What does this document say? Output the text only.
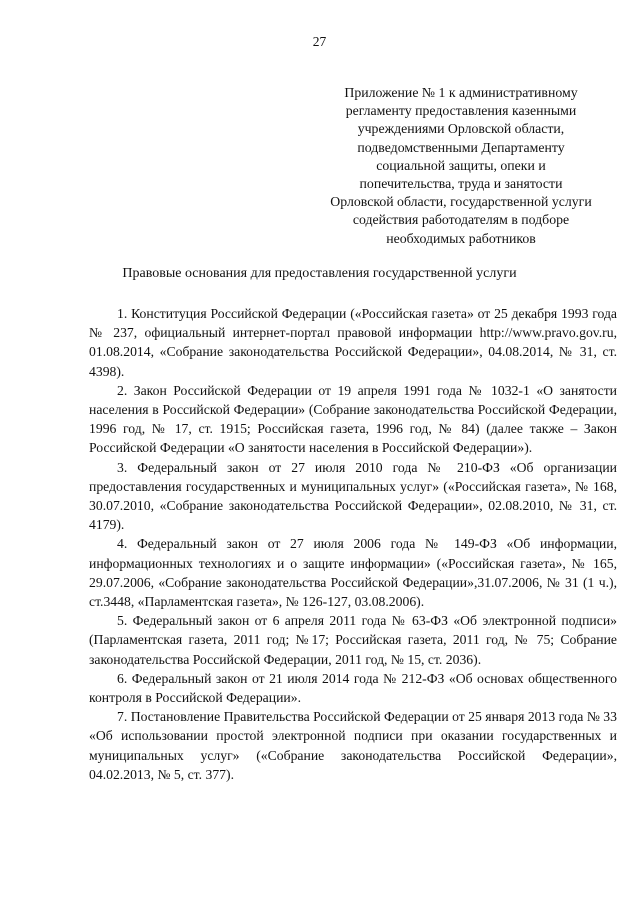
27
Приложение № 1 к административному
регламенту предоставления казенными
учреждениями Орловской области,
подведомственными Департаменту
социальной защиты, опеки и
попечительства, труда и занятости
Орловской области, государственной услуги
содействия работодателям в подборе
необходимых работников
Правовые основания для предоставления государственной услуги

1. Конституция Российской Федерации («Российская газета» от 25 декабря 1993 года № 237, официальный интернет-портал правовой информации http://www.pravo.gov.ru, 01.08.2014, «Собрание законодательства Российской Федерации», 04.08.2014, № 31, ст. 4398).

2. Закон Российской Федерации от 19 апреля 1991 года № 1032-1 «О занятости населения в Российской Федерации» (Собрание законодательства Российской Федерации, 1996 год, № 17, ст. 1915; Российская газета, 1996 год, № 84) (далее также – Закон Российской Федерации «О занятости населения в Российской Федерации»).

3. Федеральный закон от 27 июля 2010 года № 210-ФЗ «Об организации предоставления государственных и муниципальных услуг» («Российская газета», № 168, 30.07.2010, «Собрание законодательства Российской Федерации», 02.08.2010, № 31, ст. 4179).

4. Федеральный закон от 27 июля 2006 года № 149-ФЗ «Об информации, информационных технологиях и о защите информации» («Российская газета», № 165, 29.07.2006, «Собрание законодательства Российской Федерации»,31.07.2006, № 31 (1 ч.), ст.3448, «Парламентская газета», № 126-127, 03.08.2006).

5. Федеральный закон от 6 апреля 2011 года № 63-ФЗ «Об электронной подписи» (Парламентская газета, 2011 год; №17; Российская газета, 2011 год, № 75; Собрание законодательства Российской Федерации, 2011 год, № 15, ст. 2036).

6. Федеральный закон от 21 июля 2014 года № 212-ФЗ «Об основах общественного контроля в Российской Федерации».

7. Постановление Правительства Российской Федерации от 25 января 2013 года № 33 «Об использовании простой электронной подписи при оказании государственных и муниципальных услуг» («Собрание законодательства Российской Федерации», 04.02.2013, № 5, ст. 377).
